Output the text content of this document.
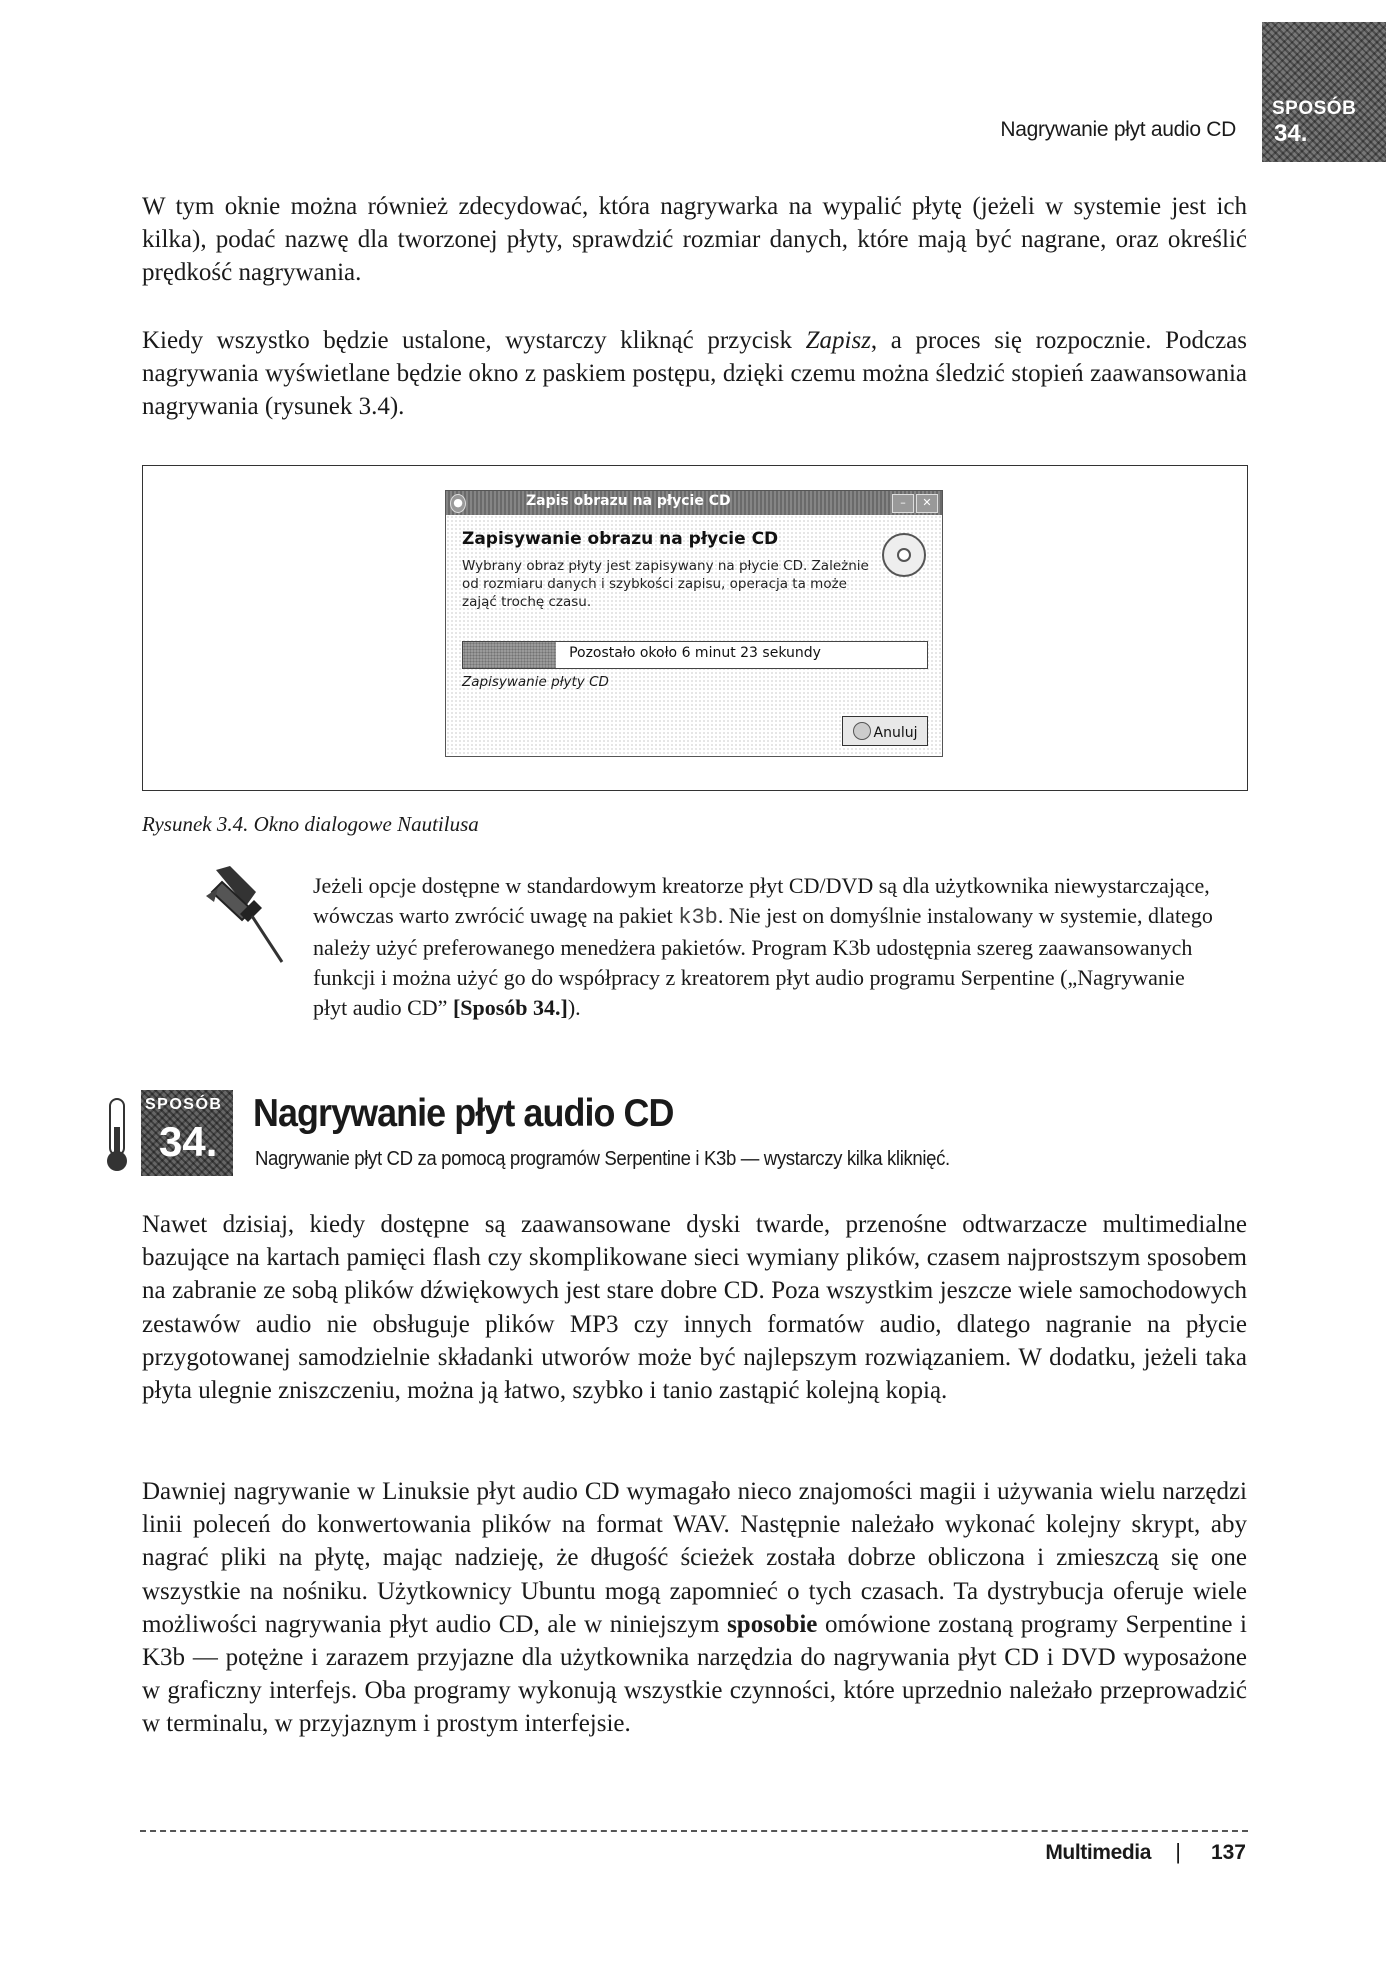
Nagrywanie płyt audio CD
SPOSÓB
34.

W tym oknie można również zdecydować, która nagrywarka na wypalić płytę (jeżeli w systemie jest ich kilka), podać nazwę dla tworzonej płyty, sprawdzić rozmiar danych, które mają być nagrane, oraz określić prędkość nagrywania.

Kiedy wszystko będzie ustalone, wystarczy kliknąć przycisk Zapisz, a proces się rozpocznie. Podczas nagrywania wyświetlane będzie okno z paskiem postępu, dzięki czemu można śledzić stopień zaawansowania nagrywania (rysunek 3.4).

●	Zapis obrazu na płycie CD	–	✕
Zapisywanie obrazu na płycie CD
Wybrany obraz płyty jest zapisywany na płycie CD. Zależnie od rozmiaru danych i szybkości zapisu, operacja ta może zająć trochę czasu.
Pozostało około 6 minut 23 sekundy
Zapisywanie płyty CD
Anuluj
Rysunek 3.4. Okno dialogowe Nautilusa
Jeżeli opcje dostępne w standardowym kreatorze płyt CD/DVD są dla użytkownika niewystarczające, wówczas warto zwrócić uwagę na pakiet k3b. Nie jest on domyślnie instalowany w systemie, dlatego należy użyć preferowanego menedżera pakietów. Program K3b udostępnia szereg zaawansowanych funkcji i można użyć go do współpracy z kreatorem płyt audio programu Serpentine („Nagrywanie płyt audio CD” [Sposób 34.]).
SPOSÓB
34.
Nagrywanie płyt audio CD
Nagrywanie płyt CD za pomocą programów Serpentine i K3b — wystarczy kilka kliknięć.

Nawet dzisiaj, kiedy dostępne są zaawansowane dyski twarde, przenośne odtwarzacze multimedialne bazujące na kartach pamięci flash czy skomplikowane sieci wymiany plików, czasem najprostszym sposobem na zabranie ze sobą plików dźwiękowych jest stare dobre CD. Poza wszystkim jeszcze wiele samochodowych zestawów audio nie obsługuje plików MP3 czy innych formatów audio, dlatego nagranie na płycie przygotowanej samodzielnie składanki utworów może być najlepszym rozwiązaniem. W dodatku, jeżeli taka płyta ulegnie zniszczeniu, można ją łatwo, szybko i tanio zastąpić kolejną kopią.

Dawniej nagrywanie w Linuksie płyt audio CD wymagało nieco znajomości magii i używania wielu narzędzi linii poleceń do konwertowania plików na format WAV. Następnie należało wykonać kolejny skrypt, aby nagrać pliki na płytę, mając nadzieję, że długość ścieżek została dobrze obliczona i zmieszczą się one wszystkie na nośniku. Użytkownicy Ubuntu mogą zapomnieć o tych czasach. Ta dystrybucja oferuje wiele możliwości nagrywania płyt audio CD, ale w niniejszym sposobie omówione zostaną programy Serpentine i K3b — potężne i zarazem przyjazne dla użytkownika narzędzia do nagrywania płyt CD i DVD wyposażone w graficzny interfejs. Oba programy wykonują wszystkie czynności, które uprzednio należało przeprowadzić w terminalu, w przyjaznym i prostym interfejsie.

Multimedia | 137
